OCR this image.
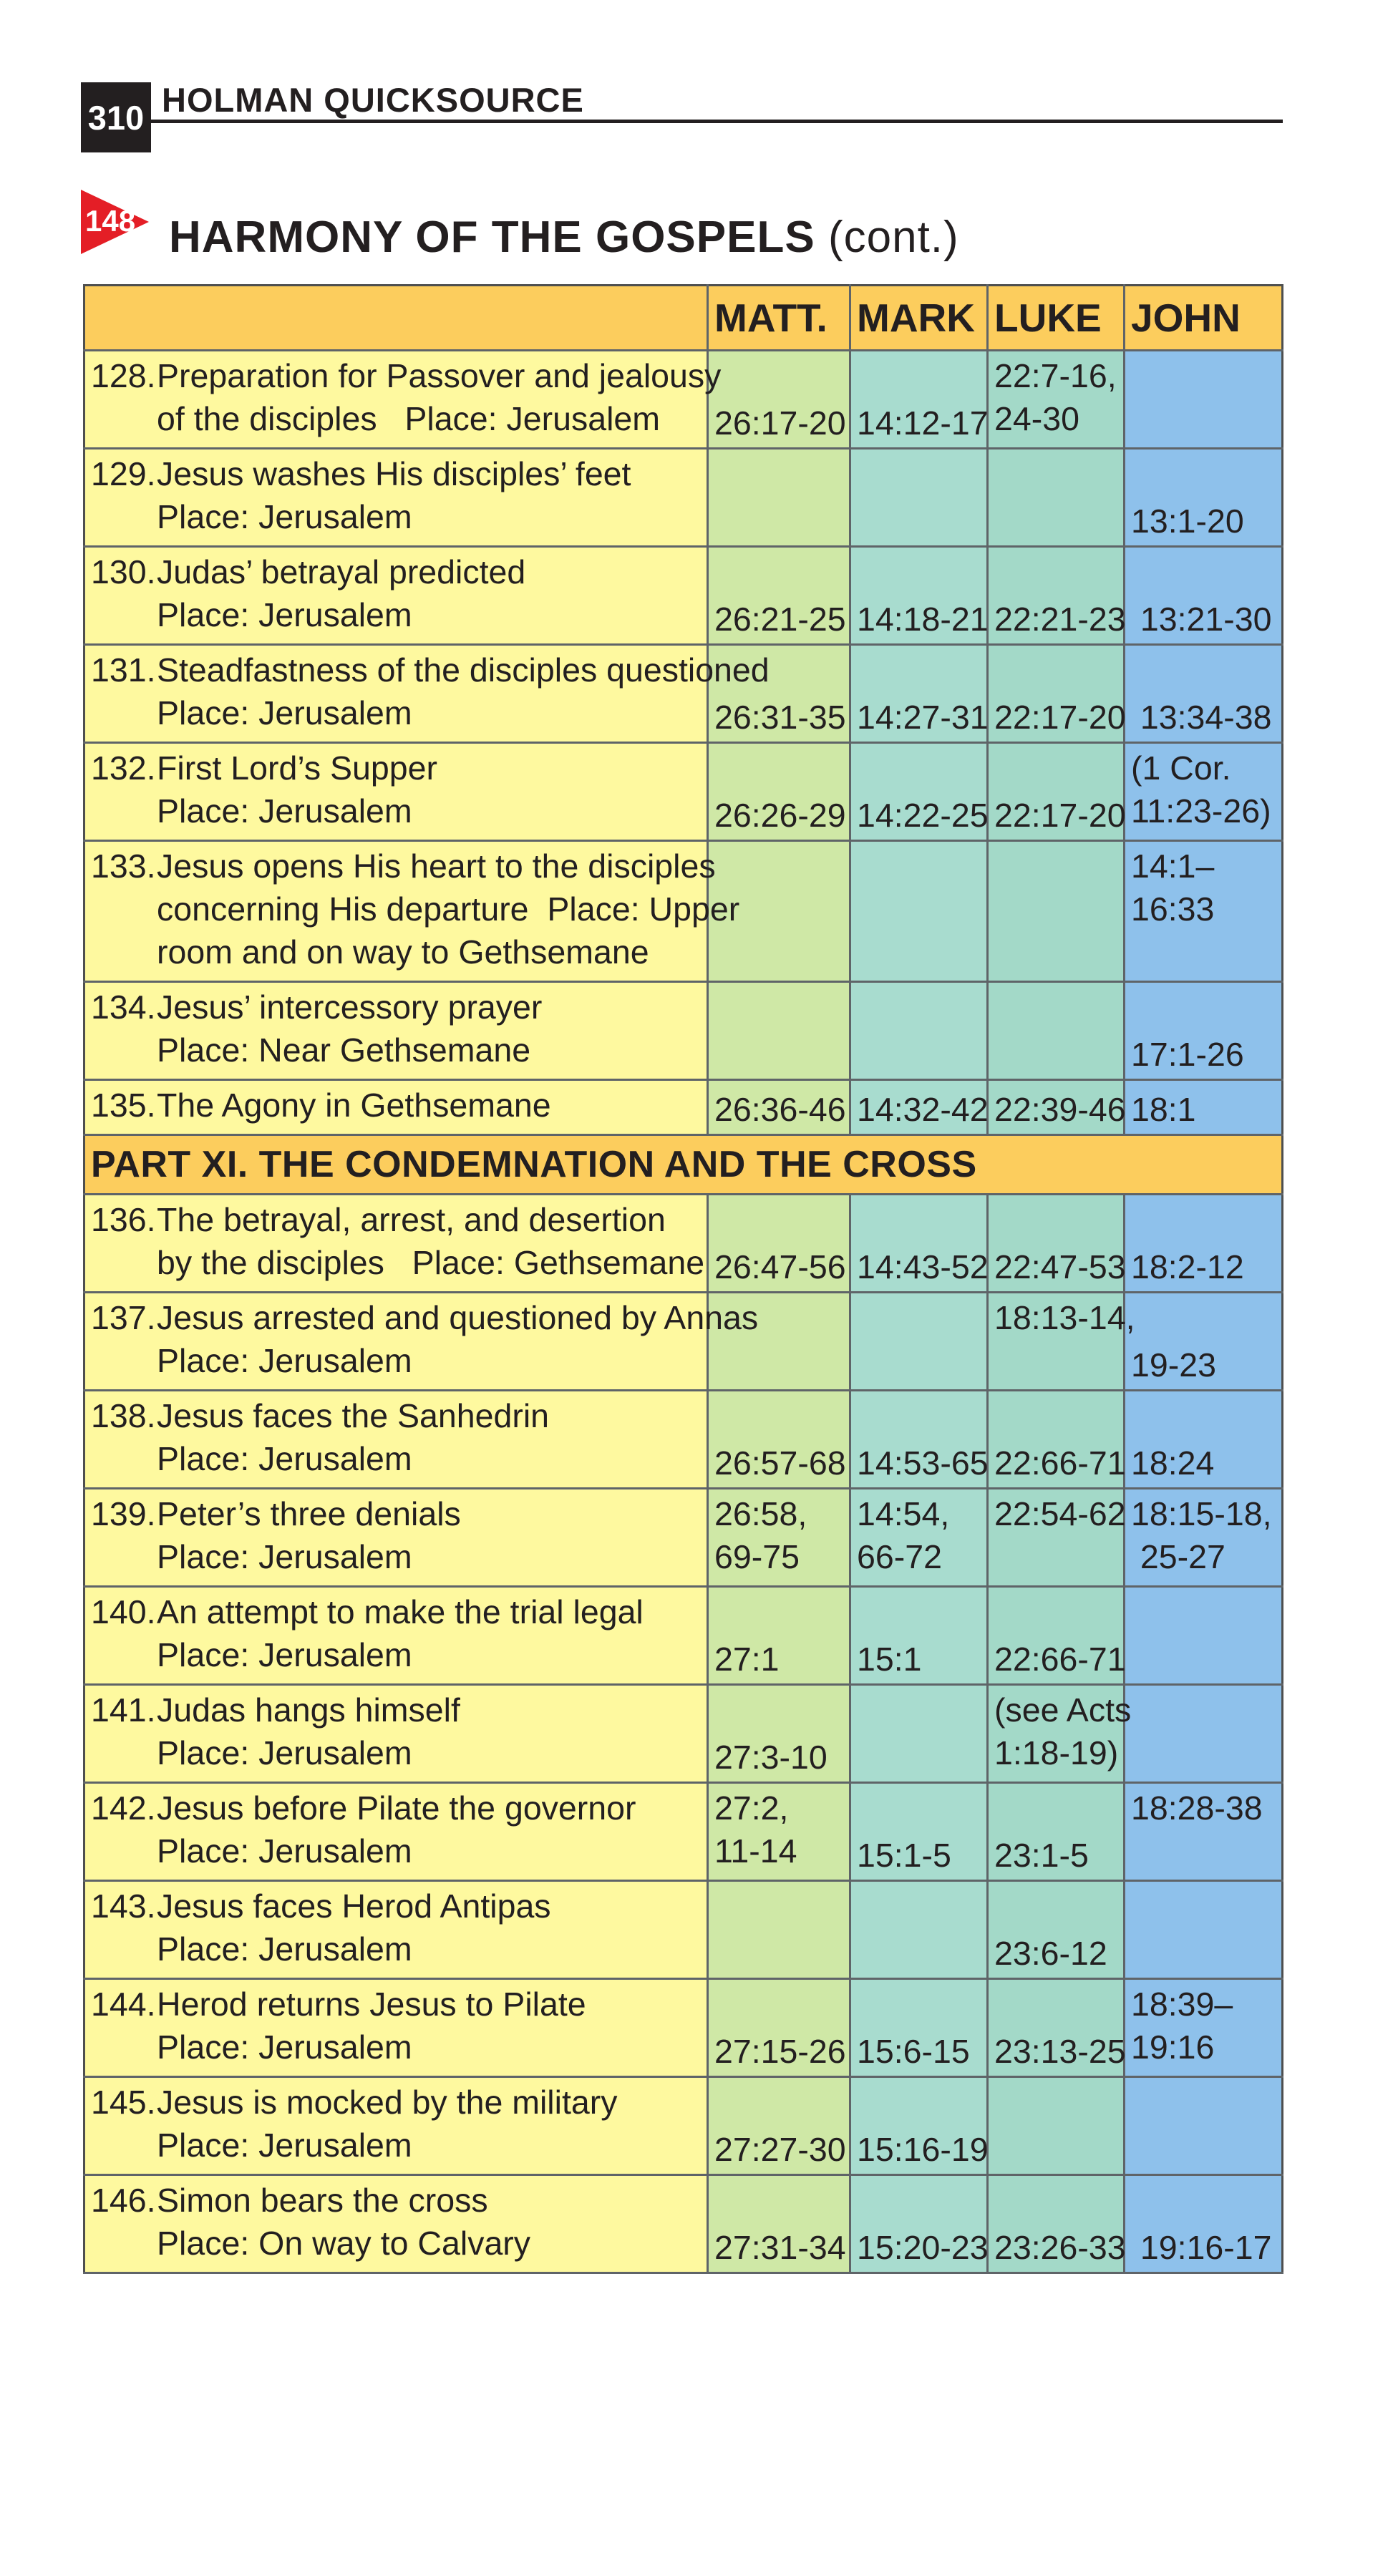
310 HOLMAN QUICKSOURCE
148 HARMONY OF THE GOSPELS (cont.)
	MATT.	MARK	LUKE	JOHN

128. Preparation for Passover and jealousy
of the disciples   Place: Jerusalem	26:17-20	14:12-17	22:7-16,
24-30	

129. Jesus washes His disciples’ feet
Place: Jerusalem				13:1-20

130. Judas’ betrayal predicted
Place: Jerusalem	26:21-25	14:18-21	22:21-23	13:21-30

131. Steadfastness of the disciples questioned
Place: Jerusalem	26:31-35	14:27-31	22:17-20	13:34-38

132. First Lord’s Supper
Place: Jerusalem	26:26-29	14:22-25	22:17-20	(1 Cor.
11:23-26)

133. Jesus opens His heart to the disciples
concerning His departure  Place: Upper
room and on way to Gethsemane				14:1–
16:33

134. Jesus’ intercessory prayer
Place: Near Gethsemane				17:1-26

135. The Agony in Gethsemane	26:36-46	14:32-42	22:39-46	18:1
PART XI. THE CONDEMNATION AND THE CROSS				

136. The betrayal, arrest, and desertion
by the disciples   Place: Gethsemane	26:47-56	14:43-52	22:47-53	18:2-12

137. Jesus arrested and questioned by Annas
Place: Jerusalem			18:13-14,	19-23

138. Jesus faces the Sanhedrin
Place: Jerusalem	26:57-68	14:53-65	22:66-71	18:24

139. Peter’s three denials
Place: Jerusalem	26:58,
69-75	14:54,
66-72	22:54-62	18:15-18,
25-27

140. An attempt to make the trial legal
Place: Jerusalem	27:1	15:1	22:66-71	

141. Judas hangs himself
Place: Jerusalem	27:3-10		(see Acts
1:18-19)	

142. Jesus before Pilate the governor
Place: Jerusalem	27:2,
11-14	15:1-5	23:1-5	18:28-38

143. Jesus faces Herod Antipas
Place: Jerusalem			23:6-12	

144. Herod returns Jesus to Pilate
Place: Jerusalem	27:15-26	15:6-15	23:13-25	18:39–
19:16

145. Jesus is mocked by the military
Place: Jerusalem	27:27-30	15:16-19		

146. Simon bears the cross
Place: On way to Calvary	27:31-34	15:20-23	23:26-33	19:16-17
